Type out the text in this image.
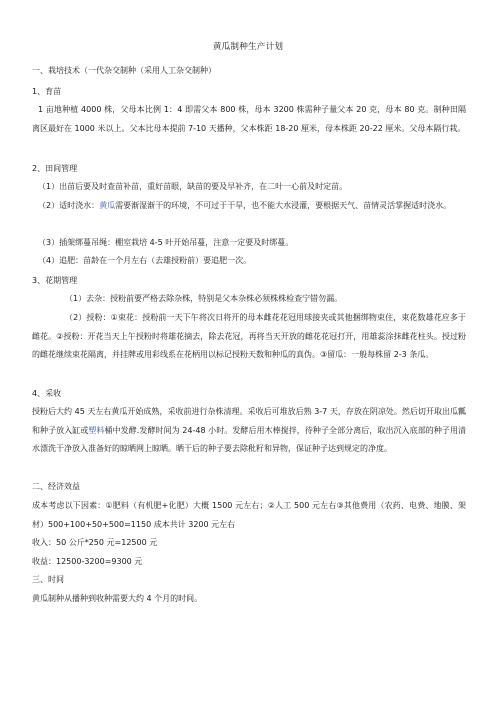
黄瓜制种生产计划
一、栽培技术（一代杂交制种（采用人工杂交制种）
1、育苗
1 亩地种植 4000 株，父母本比例 1：4 即需父本 800 株，母本 3200 株需种子量父本 20 克，母本 80 克。制种田隔离区最好在 1000 米以上。父本比母本提前 7-10 天播种，父本株距 18-20 厘米，母本株距 20-22 厘米。父母本隔行栽。
2、田间管理
（1）出苗后要及时查苗补苗，重好苗眼，缺苗的要及早补齐，在二叶一心前及时定苗。
（2）适时浇水：黄瓜需要渐湿渐干的环境，不可过于干旱，也不能大水浸灌，要根据天气、苗情灵活掌握适时浇水。
（3）插架绑蔓吊绳：棚室栽培 4-5 叶开始吊蔓，注意一定要及时绑蔓。
（4）追肥：苗龄在一个月左右（去雄授粉前）要追肥一次。
3、花期管理
（1）去杂：授粉前要严格去除杂株，特别是父本杂株必须株株检查宁错勿漏。
（2）授粉：①束花：授粉前一天下午将次日将开的母本雌花花冠用球接夹或其他捆绑物束住，束花数雄花应多于雌花。②授粉：开花当天上午授粉时将雄花摘去，除去花冠，再将当天开放的雌花花冠打开，用雄蕊涂抹雌花柱头。授过粉的雌花继续束花隔离，并挂牌或用彩线系在花柄用以标记授粉天数和种瓜的真伪。③留瓜：一般每株留 2-3 条瓜。
4、采收
授粉后大约 45 天左右黄瓜开始成熟，采收前进行杂株清理。采收后可堆放后熟 3-7 天，存放在阴凉处。然后切开取出瓜瓤和种子放入缸或塑料桶中发酵.发酵时间为 24-48 小时。发酵后用木棒搅拌，待种子全部分离后，取出沉入底部的种子用清水漂洗干净放入准备好的晾晒网上晾晒。晒干后的种子要去除秕籽和异物，保证种子达到规定的净度。
二、经济效益
成本考虑以下因素：①肥料（有机肥+化肥）大概 1500 元左右；②人工 500 元左右③其他费用（农药、电费、地膜、架材）500+100+50+500=1150 成本共计 3200 元左右
收入：50 公斤*250 元=12500 元
收益：12500-3200=9300 元
三、时间
黄瓜制种从播种到收种需要大约 4 个月的时间。
